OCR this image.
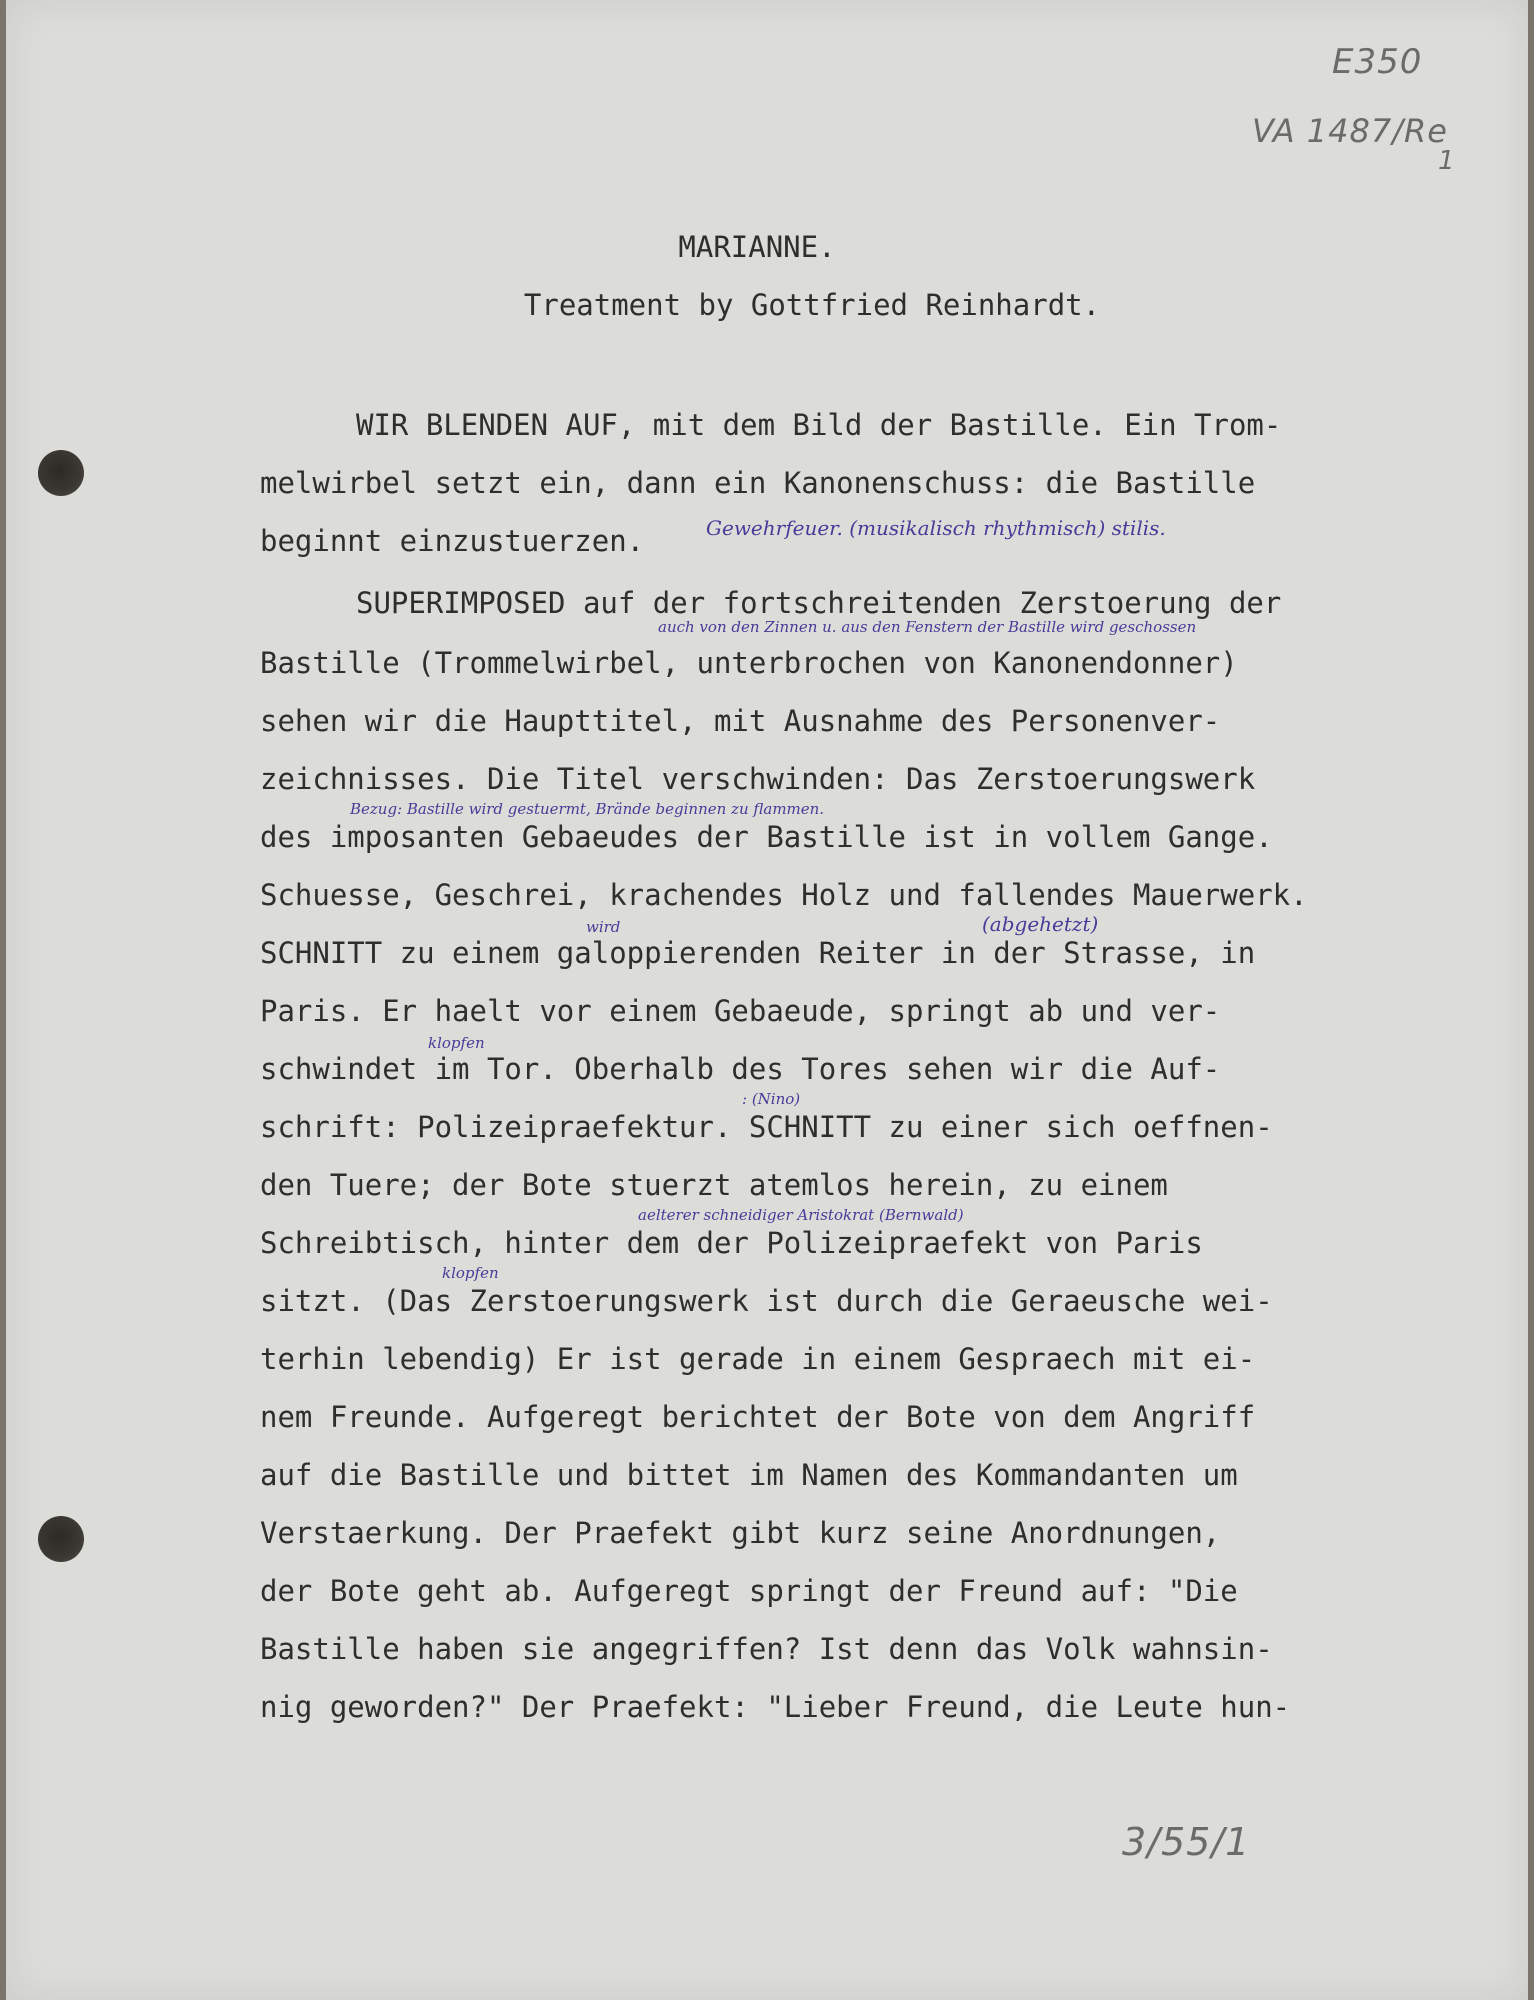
E350
VA 1487/Re
1
3/55/1
MARIANNE.
Treatment by Gottfried Reinhardt.
WIR BLENDEN AUF, mit dem Bild der Bastille. Ein Trom-
melwirbel setzt ein, dann ein Kanonenschuss: die Bastille
beginnt einzustuerzen.
SUPERIMPOSED auf der fortschreitenden Zerstoerung der
Bastille (Trommelwirbel, unterbrochen von Kanonendonner)
sehen wir die Haupttitel, mit Ausnahme des Personenver-
zeichnisses. Die Titel verschwinden: Das Zerstoerungswerk
des imposanten Gebaeudes der Bastille ist in vollem Gange.
Schuesse, Geschrei, krachendes Holz und fallendes Mauerwerk.
SCHNITT zu einem galoppierenden Reiter in der Strasse, in
Paris. Er haelt vor einem Gebaeude, springt ab und ver-
schwindet im Tor. Oberhalb des Tores sehen wir die Auf-
schrift: Polizeipraefektur. SCHNITT zu einer sich oeffnen-
den Tuere; der Bote stuerzt atemlos herein, zu einem
Schreibtisch, hinter dem der Polizeipraefekt von Paris
sitzt. (Das Zerstoerungswerk ist durch die Geraeusche wei-
terhin lebendig) Er ist gerade in einem Gespraech mit ei-
nem Freunde. Aufgeregt berichtet der Bote von dem Angriff
auf die Bastille und bittet im Namen des Kommandanten um
Verstaerkung. Der Praefekt gibt kurz seine Anordnungen,
der Bote geht ab. Aufgeregt springt der Freund auf: "Die
Bastille haben sie angegriffen? Ist denn das Volk wahnsin-
nig geworden?" Der Praefekt: "Lieber Freund, die Leute hun-
Gewehrfeuer. (musikalisch rhythmisch) stilis.
auch von den Zinnen u. aus den Fenstern der Bastille wird geschossen
Bezug: Bastille wird gestuermt, Brände beginnen zu flammen.
wird	(abgehetzt)
klopfen
: (Nino)
aelterer schneidiger Aristokrat (Bernwald)
klopfen
